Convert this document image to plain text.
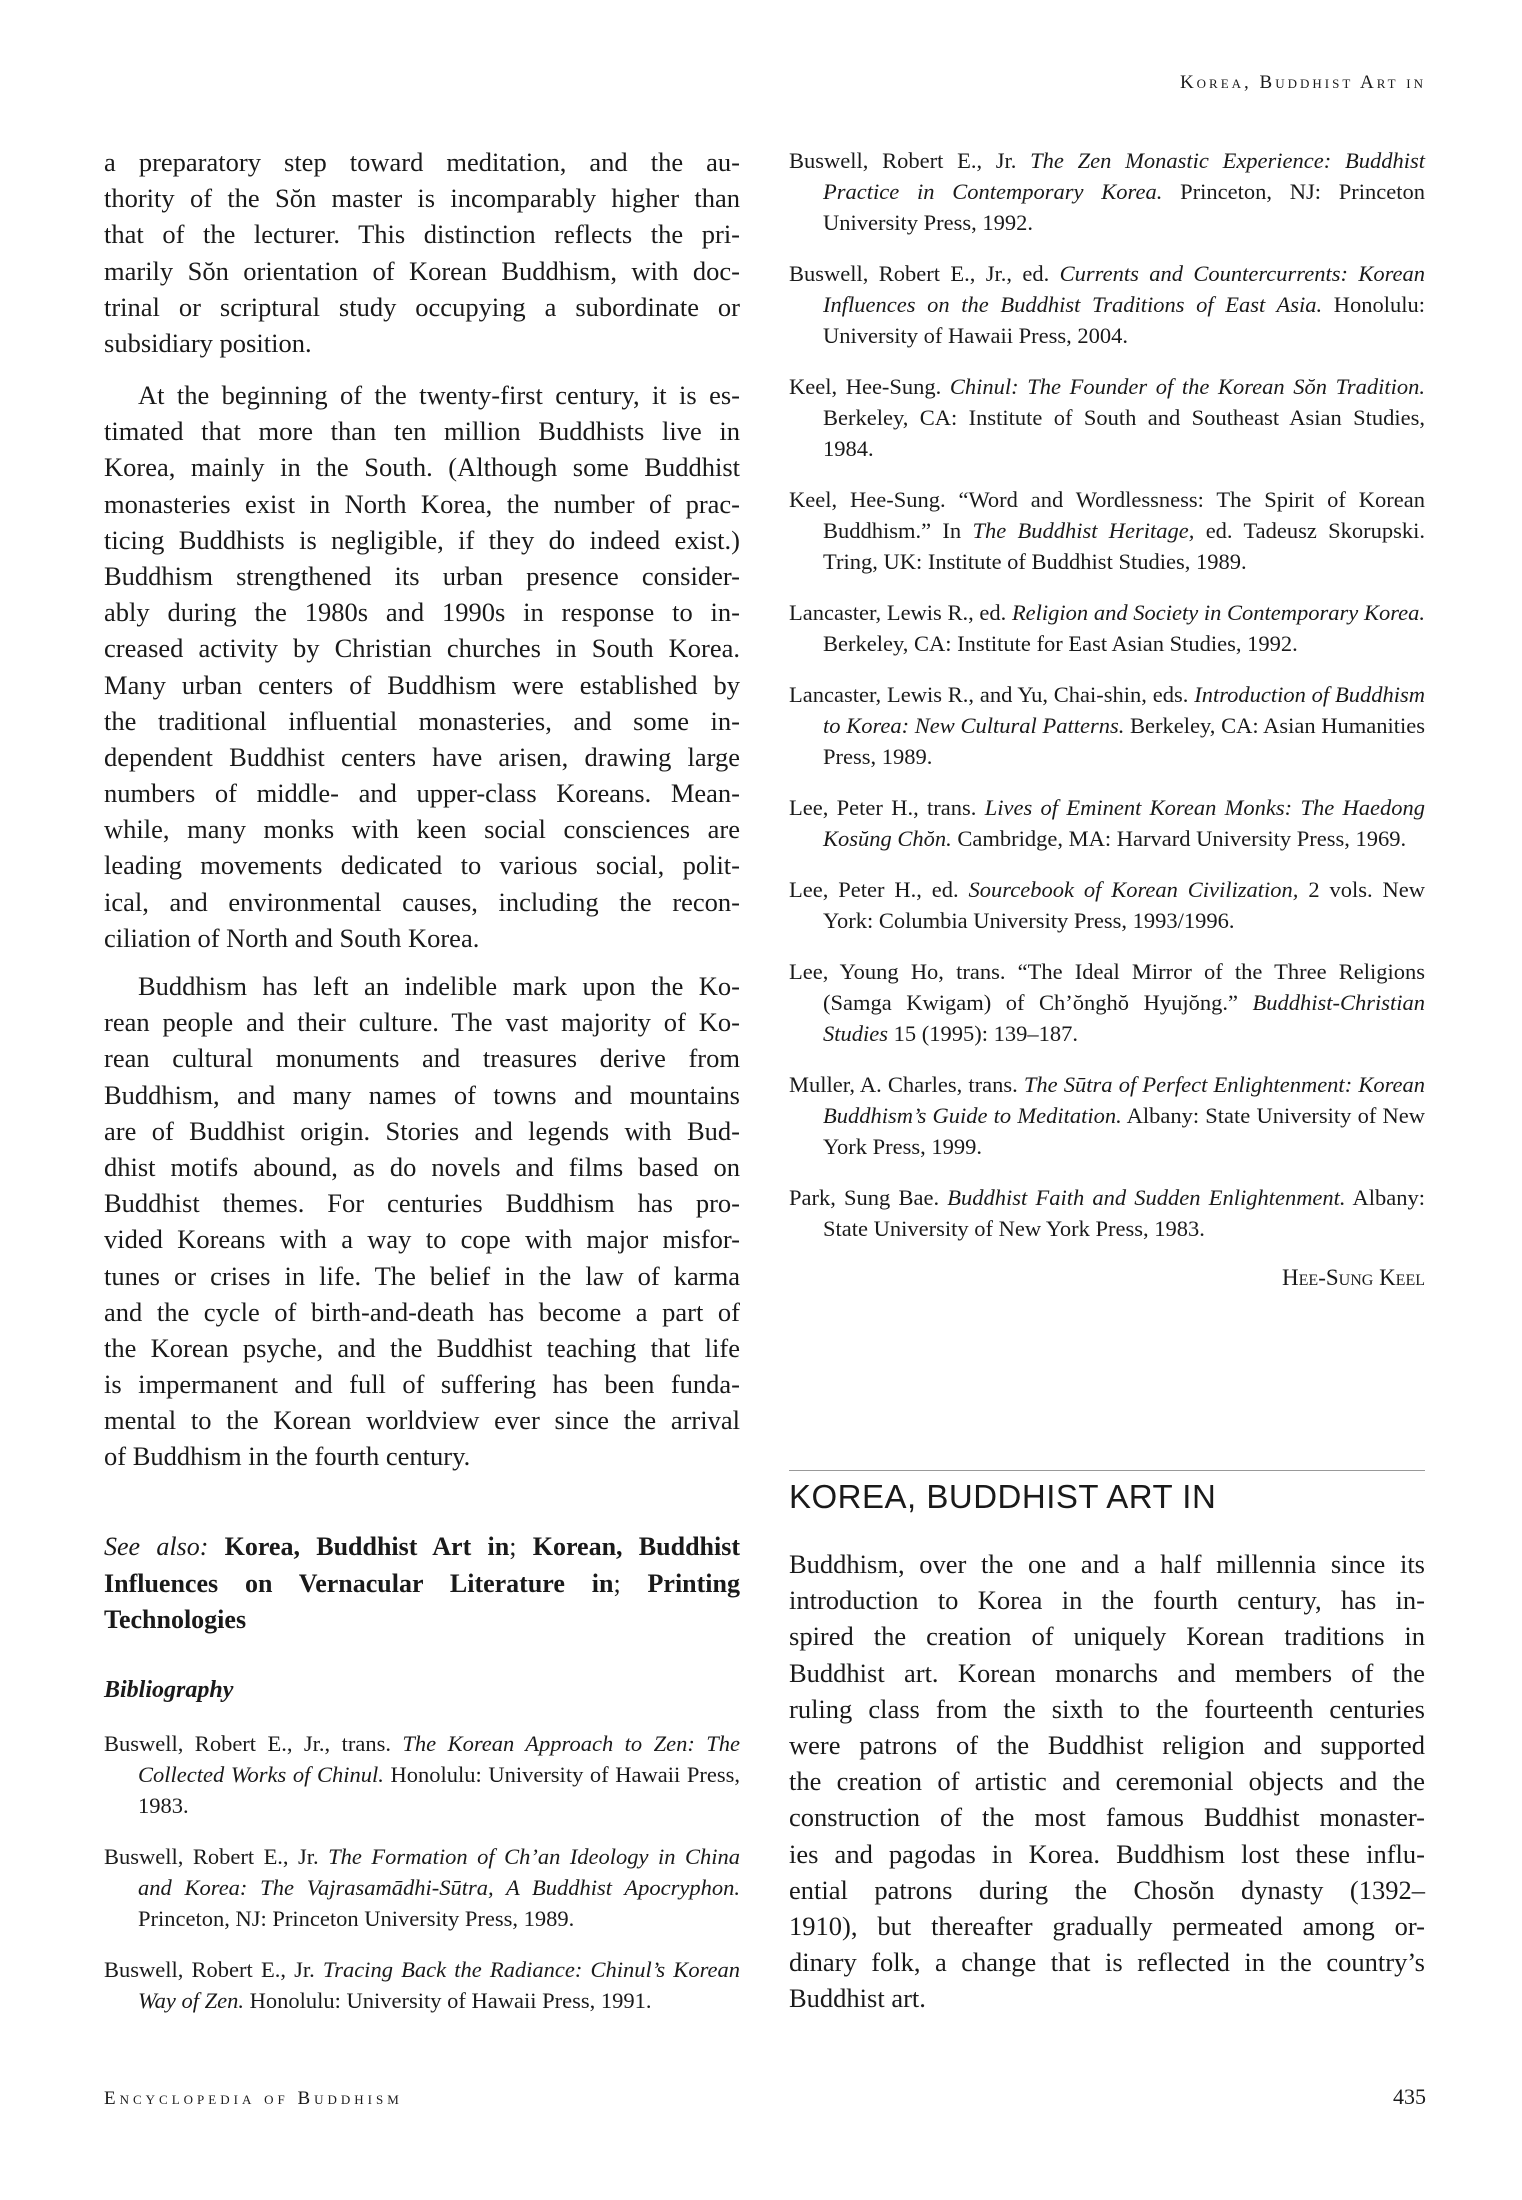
Korea, Buddhist Art in
a preparatory step toward meditation, and the au-
thority of the Sŏn master is incomparably higher than
that of the lecturer. This distinction reflects the pri-
marily Sŏn orientation of Korean Buddhism, with doc-
trinal or scriptural study occupying a subordinate or
subsidiary position.
At the beginning of the twenty-first century, it is es-
timated that more than ten million Buddhists live in
Korea, mainly in the South. (Although some Buddhist
monasteries exist in North Korea, the number of prac-
ticing Buddhists is negligible, if they do indeed exist.)
Buddhism strengthened its urban presence consider-
ably during the 1980s and 1990s in response to in-
creased activity by Christian churches in South Korea.
Many urban centers of Buddhism were established by
the traditional influential monasteries, and some in-
dependent Buddhist centers have arisen, drawing large
numbers of middle- and upper-class Koreans. Mean-
while, many monks with keen social consciences are
leading movements dedicated to various social, polit-
ical, and environmental causes, including the recon-
ciliation of North and South Korea.
Buddhism has left an indelible mark upon the Ko-
rean people and their culture. The vast majority of Ko-
rean cultural monuments and treasures derive from
Buddhism, and many names of towns and mountains
are of Buddhist origin. Stories and legends with Bud-
dhist motifs abound, as do novels and films based on
Buddhist themes. For centuries Buddhism has pro-
vided Koreans with a way to cope with major misfor-
tunes or crises in life. The belief in the law of karma
and the cycle of birth-and-death has become a part of
the Korean psyche, and the Buddhist teaching that life
is impermanent and full of suffering has been funda-
mental to the Korean worldview ever since the arrival
of Buddhism in the fourth century.
See also: Korea, Buddhist Art in; Korean, Buddhist Influences on Vernacular Literature in; Printing Technologies
Bibliography
Buswell, Robert E., Jr., trans. The Korean Approach to Zen: The Collected Works of Chinul. Honolulu: University of Hawaii Press, 1983.
Buswell, Robert E., Jr. The Formation of Ch’an Ideology in China and Korea: The Vajrasamādhi-Sūtra, A Buddhist Apocryphon. Princeton, NJ: Princeton University Press, 1989.
Buswell, Robert E., Jr. Tracing Back the Radiance: Chinul’s Korean Way of Zen. Honolulu: University of Hawaii Press, 1991.
Buswell, Robert E., Jr. The Zen Monastic Experience: Buddhist Practice in Contemporary Korea. Princeton, NJ: Princeton University Press, 1992.
Buswell, Robert E., Jr., ed. Currents and Countercurrents: Korean Influences on the Buddhist Traditions of East Asia. Honolulu: University of Hawaii Press, 2004.
Keel, Hee-Sung. Chinul: The Founder of the Korean Sŏn Tradition. Berkeley, CA: Institute of South and Southeast Asian Studies, 1984.
Keel, Hee-Sung. “Word and Wordlessness: The Spirit of Korean Buddhism.” In The Buddhist Heritage, ed. Tadeusz Skorupski. Tring, UK: Institute of Buddhist Studies, 1989.
Lancaster, Lewis R., ed. Religion and Society in Contemporary Korea. Berkeley, CA: Institute for East Asian Studies, 1992.
Lancaster, Lewis R., and Yu, Chai-shin, eds. Introduction of Buddhism to Korea: New Cultural Patterns. Berkeley, CA: Asian Humanities Press, 1989.
Lee, Peter H., trans. Lives of Eminent Korean Monks: The Haedong Kosŭng Chŏn. Cambridge, MA: Harvard University Press, 1969.
Lee, Peter H., ed. Sourcebook of Korean Civilization, 2 vols. New York: Columbia University Press, 1993/1996.
Lee, Young Ho, trans. “The Ideal Mirror of the Three Religions (Samga Kwigam) of Ch’ŏnghŏ Hyujŏng.” Buddhist-Christian Studies 15 (1995): 139–187.
Muller, A. Charles, trans. The Sūtra of Perfect Enlightenment: Korean Buddhism’s Guide to Meditation. Albany: State University of New York Press, 1999.
Park, Sung Bae. Buddhist Faith and Sudden Enlightenment. Albany: State University of New York Press, 1983.
Hee-Sung Keel
KOREA, BUDDHIST ART IN
Buddhism, over the one and a half millennia since its
introduction to Korea in the fourth century, has in-
spired the creation of uniquely Korean traditions in
Buddhist art. Korean monarchs and members of the
ruling class from the sixth to the fourteenth centuries
were patrons of the Buddhist religion and supported
the creation of artistic and ceremonial objects and the
construction of the most famous Buddhist monaster-
ies and pagodas in Korea. Buddhism lost these influ-
ential patrons during the Chosŏn dynasty (1392–
1910), but thereafter gradually permeated among or-
dinary folk, a change that is reflected in the country’s
Buddhist art.
Encyclopedia of Buddhism	435
